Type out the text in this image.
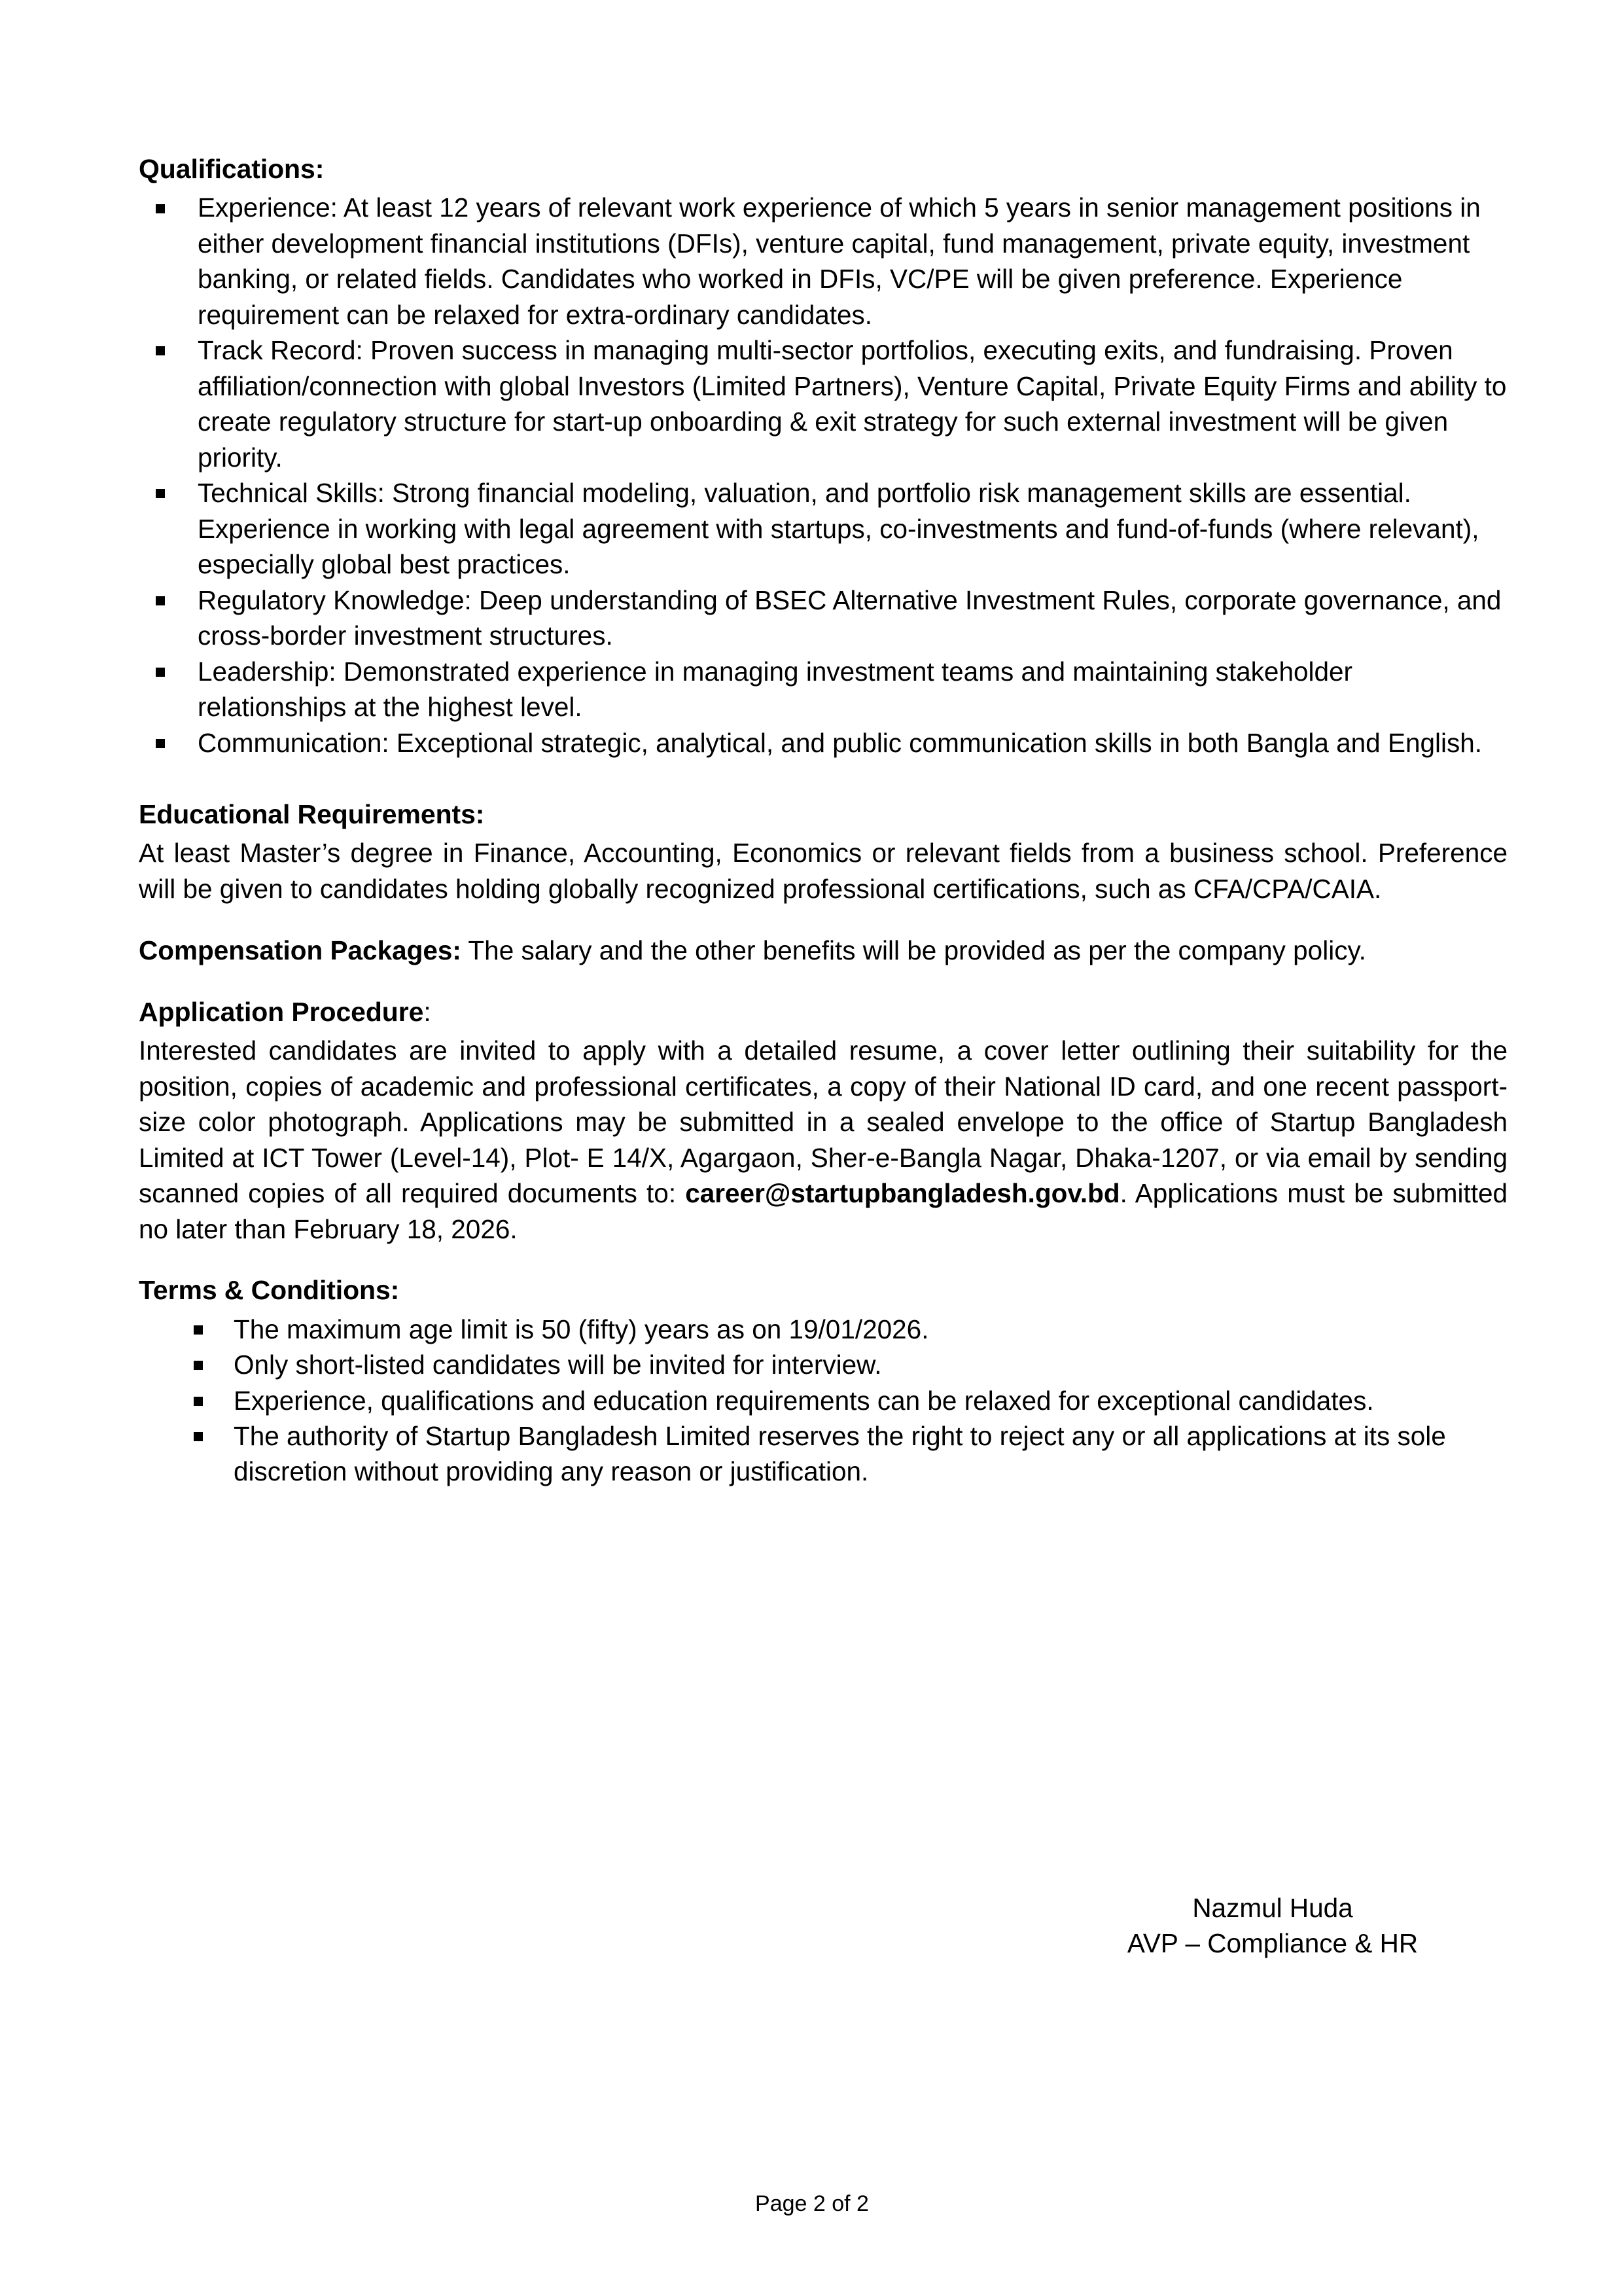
Qualifications:
Experience: At least 12 years of relevant work experience of which 5 years in senior management positions in either development financial institutions (DFIs), venture capital, fund management, private equity, investment banking, or related fields. Candidates who worked in DFIs, VC/PE will be given preference. Experience requirement can be relaxed for extra-ordinary candidates.
Track Record: Proven success in managing multi-sector portfolios, executing exits, and fundraising. Proven affiliation/connection with global Investors (Limited Partners), Venture Capital, Private Equity Firms and ability to create regulatory structure for start-up onboarding & exit strategy for such external investment will be given priority.
Technical Skills: Strong financial modeling, valuation, and portfolio risk management skills are essential. Experience in working with legal agreement with startups, co-investments and fund-of-funds (where relevant), especially global best practices.
Regulatory Knowledge: Deep understanding of BSEC Alternative Investment Rules, corporate governance, and cross-border investment structures.
Leadership: Demonstrated experience in managing investment teams and maintaining stakeholder relationships at the highest level.
Communication: Exceptional strategic, analytical, and public communication skills in both Bangla and English.
Educational Requirements:

At least Master’s degree in Finance, Accounting, Economics or relevant fields from a business school. Preference will be given to candidates holding globally recognized professional certifications, such as CFA/CPA/CAIA.

Compensation Packages: The salary and the other benefits will be provided as per the company policy.

Application Procedure:

Interested candidates are invited to apply with a detailed resume, a cover letter outlining their suitability for the position, copies of academic and professional certificates, a copy of their National ID card, and one recent passport-size color photograph. Applications may be submitted in a sealed envelope to the office of Startup Bangladesh Limited at ICT Tower (Level-14), Plot- E 14/X, Agargaon, Sher-e-Bangla Nagar, Dhaka-1207, or via email by sending scanned copies of all required documents to: career@startupbangladesh.gov.bd. Applications must be submitted no later than February 18, 2026.

Terms & Conditions:
The maximum age limit is 50 (fifty) years as on 19/01/2026.
Only short-listed candidates will be invited for interview.
Experience, qualifications and education requirements can be relaxed for exceptional candidates.
The authority of Startup Bangladesh Limited reserves the right to reject any or all applications at its sole discretion without providing any reason or justification.
Nazmul Huda
AVP – Compliance & HR
Page 2 of 2
